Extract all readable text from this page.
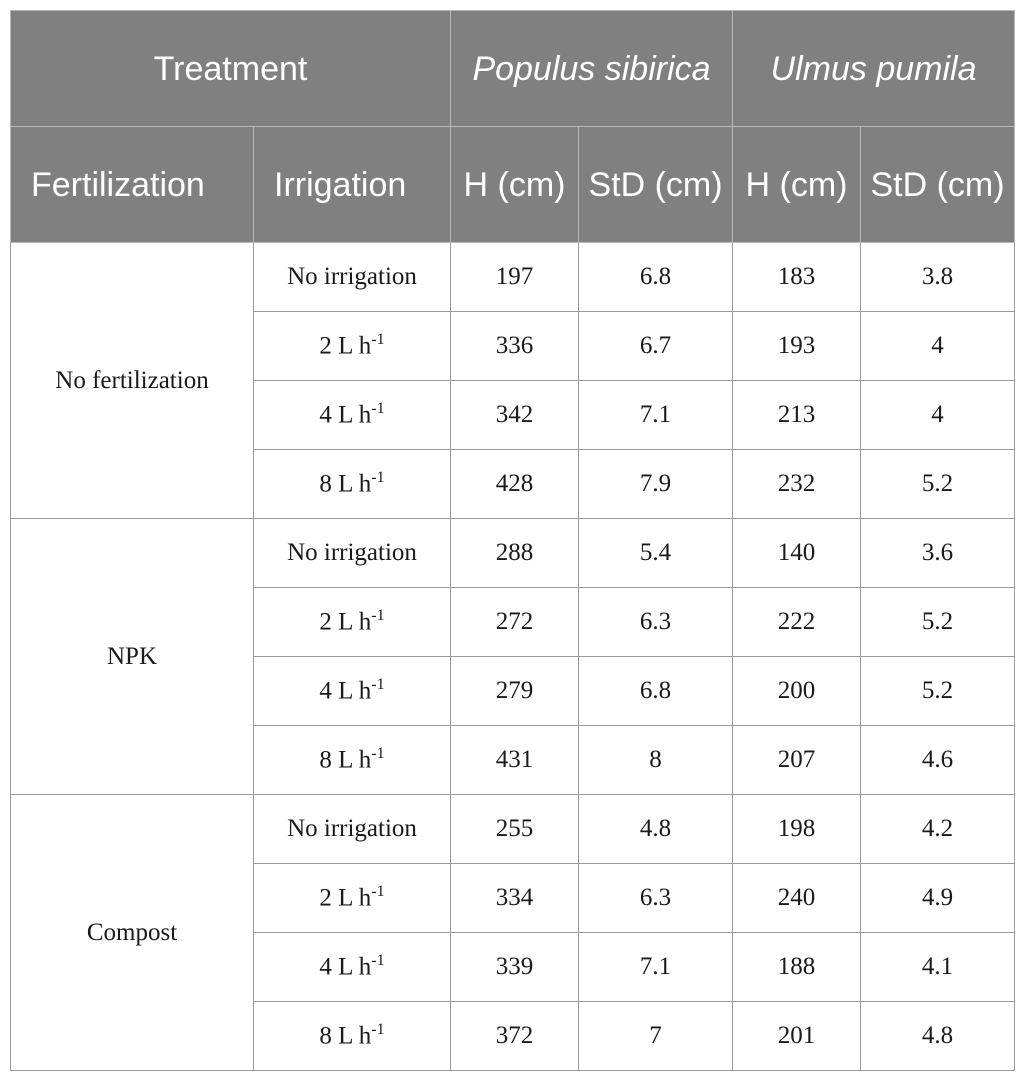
Treatment		Populus sibirica		Ulmus pumila	
Fertilization	Irrigation	H (cm)	StD (cm)	H (cm)	StD (cm)
No fertilization	No irrigation	197	6.8	183	3.8
	2 L $h^{-1}$	336	6.7	193	4
	4 L $h^{-1}$	342	7.1	213	4
	8 L $h^{-1}$	428	7.9	232	5.2
NPK	No irrigation	288	5.4	140	3.6
	2 L $h^{-1}$	272	6.3	222	5.2
	4 L $h^{-1}$	279	6.8	200	5.2
	8 L $h^{-1}$	431	8	207	4.6
Compost	No irrigation	255	4.8	198	4.2
	2 L $h^{-1}$	334	6.3	240	4.9
	4 L $h^{-1}$	339	7.1	188	4.1
	8 L $h^{-1}$	372	7	201	4.8
